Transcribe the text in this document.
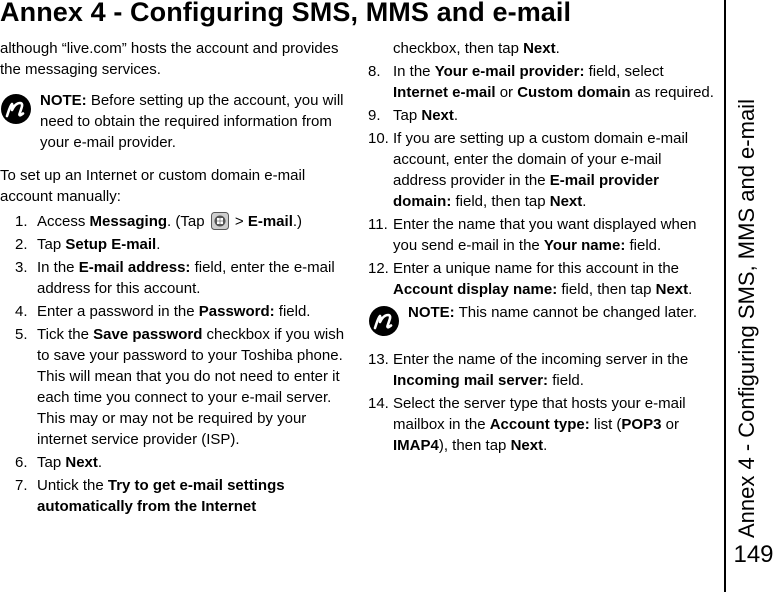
Annex 4 - Configuring SMS, MMS and e-mail

although “live.com” hosts the account and provides the messaging services.

NOTE: Before setting up the account, you will need to obtain the required information from your e-mail provider.

To set up an Internet or custom domain e-mail account manually:

1. Access Messaging. (Tap  > E-mail.)
2. Tap Setup E-mail.
3. In the E-mail address: field, enter the e-mail address for this account.
4. Enter a password in the Password: field.
5. Tick the Save password checkbox if you wish to save your password to your Toshiba phone. This will mean that you do not need to enter it each time you connect to your e-mail server. This may or may not be required by your internet service provider (ISP).
6. Tap Next.
7. Untick the Try to get e-mail settings automatically from the Internet
checkbox, then tap Next.
8. In the Your e-mail provider: field, select Internet e-mail or Custom domain as required.
9. Tap Next.
10. If you are setting up a custom domain e-mail account, enter the domain of your e-mail address provider in the E-mail provider domain: field, then tap Next.
11. Enter the name that you want displayed when you send e-mail in the Your name: field.
12. Enter a unique name for this account in the Account display name: field, then tap Next.
NOTE: This name cannot be changed later.
13. Enter the name of the incoming server in the Incoming mail server: field.
14. Select the server type that hosts your e-mail mailbox in the Account type: list (POP3 or IMAP4), then tap Next.	Annex 4 - Configuring SMS, MMS and e-mail
149
